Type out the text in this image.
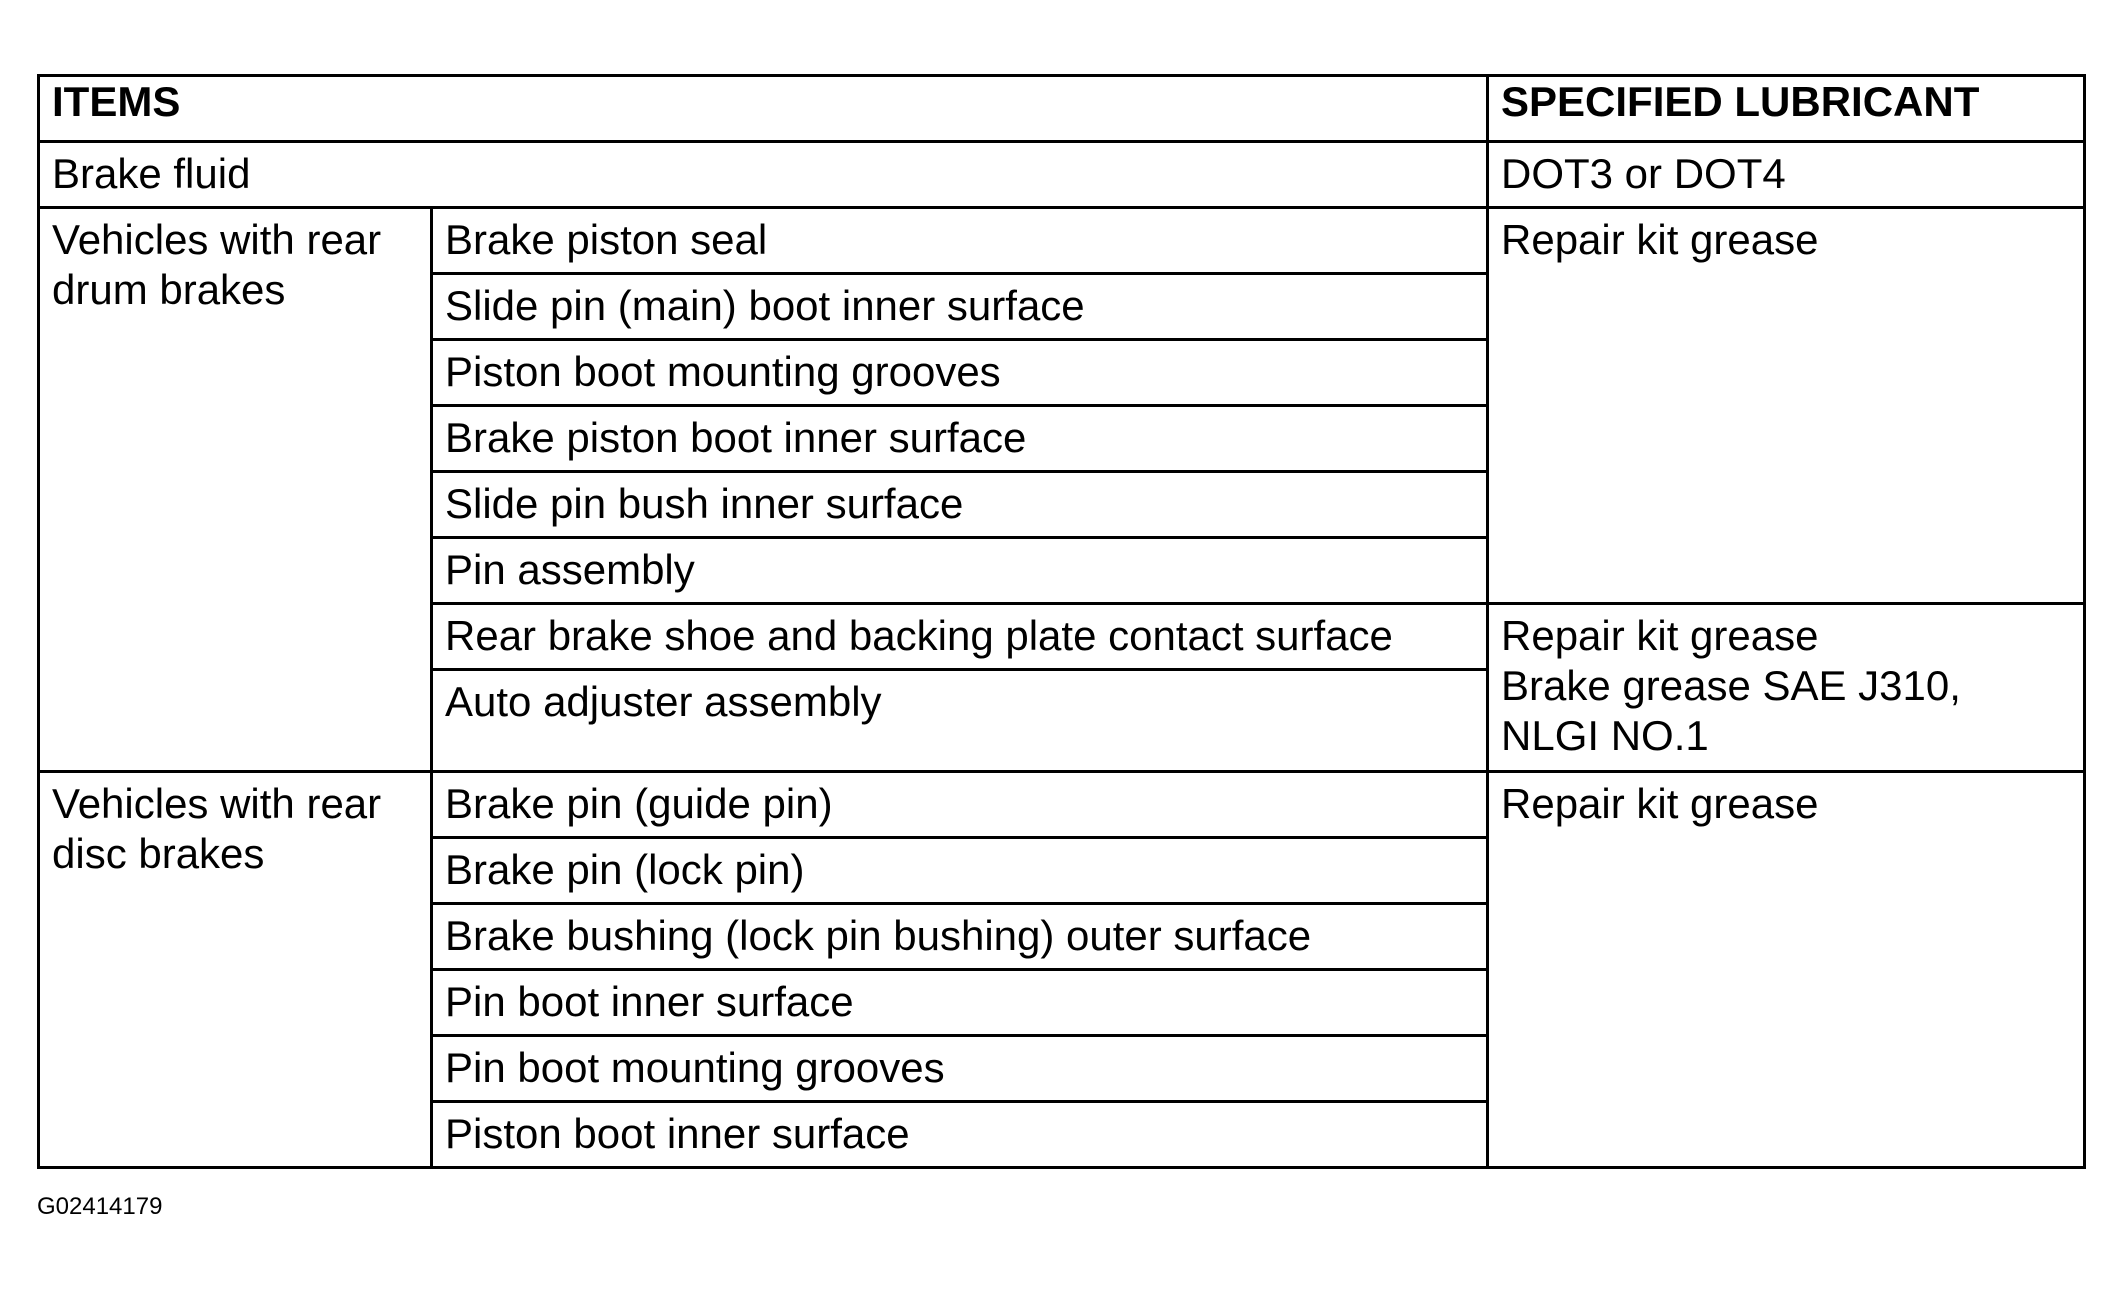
ITEMS		SPECIFIED LUBRICANT

Brake fluid		DOT3 or DOT4

Vehicles with rear
drum brakes	Brake piston seal	Repair kit grease

	Slide pin (main) boot inner surface	

	Piston boot mounting grooves	

	Brake piston boot inner surface	

	Slide pin bush inner surface	

	Pin assembly	

	Rear brake shoe and backing plate contact surface	Repair kit grease
Brake grease SAE J310,
NLGI NO.1

	Auto adjuster assembly	

Vehicles with rear
disc brakes	Brake pin (guide pin)	Repair kit grease

	Brake pin (lock pin)	

	Brake bushing (lock pin bushing) outer surface	

	Pin boot inner surface	

	Pin boot mounting grooves	

	Piston boot inner surface	
G02414179
